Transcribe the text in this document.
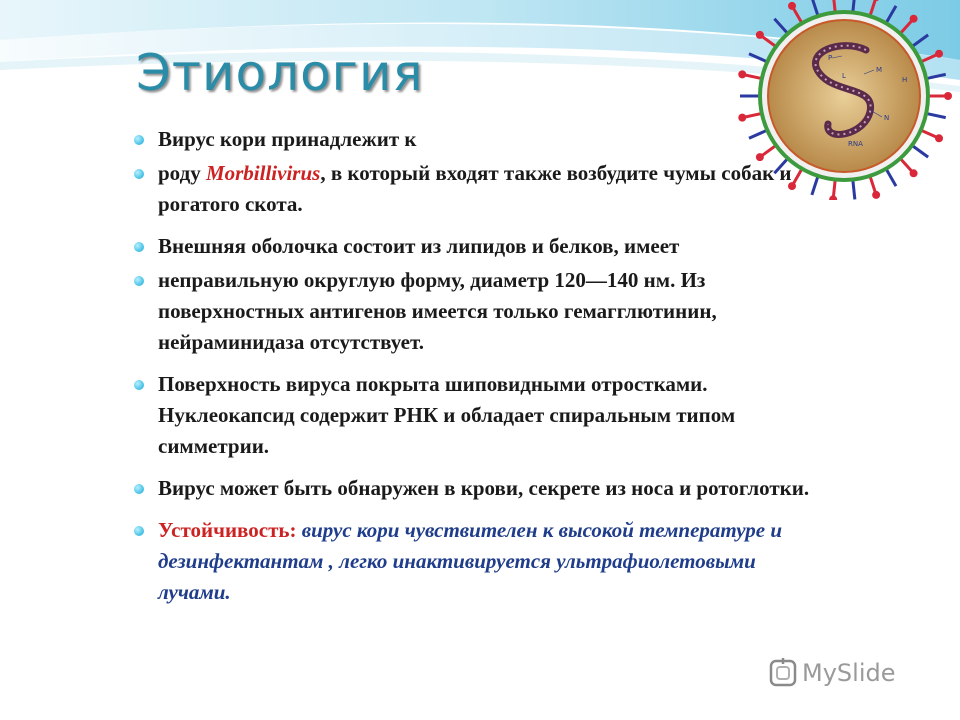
Этиология	P
L
M
H
N
RNA
Вирус кори принадлежит к
роду Morbillivirus, в который входят также возбудите чумы собак и рогатого скота.
Внешняя оболочка состоит из липидов и белков, имеет
неправильную округлую форму, диаметр 120—140 нм. Из поверхностных антигенов имеется только гемагглютинин, нейраминидаза отсутствует.
Поверхность вируса покрыта шиповидными отростками. Нуклеокапсид содержит РНК и обладает спиральным типом симметрии.
Вирус может быть обнаружен в крови, секрете из носа и ротоглотки.
Устойчивость: вирус кори чувствителен к высокой температуре и дезинфектантам , легко инактивируется ультрафиолетовыми лучами.
MySlide
